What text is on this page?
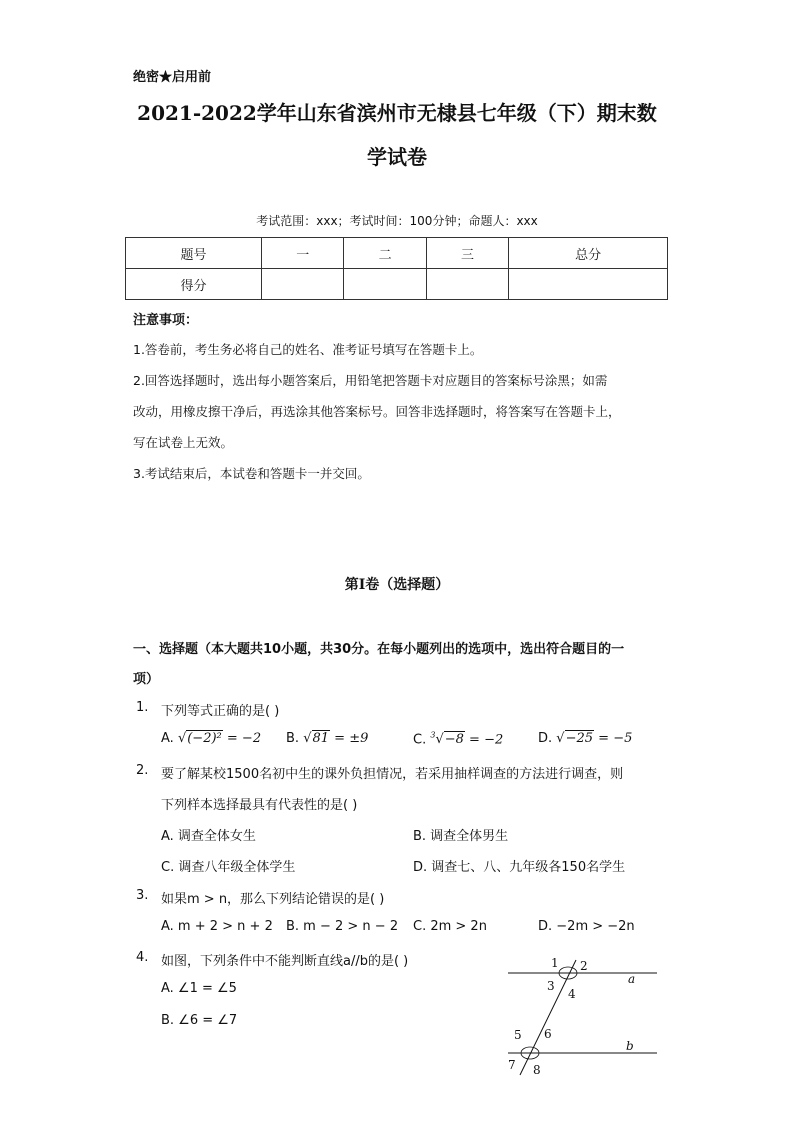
绝密★启用前
2021-2022学年山东省滨州市无棣县七年级（下）期末数
学试卷
考试范围：xxx；考试时间：100分钟；命题人：xxx
题号	一	二	三	总分
得分				
注意事项：
1.答卷前，考生务必将自己的姓名、准考证号填写在答题卡上。
2.回答选择题时，选出每小题答案后，用铅笔把答题卡对应题目的答案标号涂黑；如需
改动，用橡皮擦干净后，再选涂其他答案标号。回答非选择题时，将答案写在答题卡上，
写在试卷上无效。
3.考试结束后，本试卷和答题卡一并交回。
第I卷（选择题）
一、选择题（本大题共10小题，共30分。在每小题列出的选项中，选出符合题目的一
项）
1. 下列等式正确的是( )
A. √(−2)² = −2 B. √81 = ±9	C. $^3$√−8 = −2	D. √−25 = −5
2. 要了解某校1500名初中生的课外负担情况，若采用抽样调查的方法进行调查，则
下列样本选择最具有代表性的是( )
A. 调查全体女生	B. 调查全体男生
C. 调查八年级全体学生	D. 调查七、八、九年级各150名学生
3. 如果m > n，那么下列结论错误的是( )
A. m + 2 > n + 2 B. m − 2 > n − 2 C. 2m > 2n	D. −2m > −2n
4. 如图，下列条件中不能判断直线a//b的是( )
A. ∠1 = ∠5
B. ∠6 = ∠7
1 2
3
4
a
5 6
b
7 8
